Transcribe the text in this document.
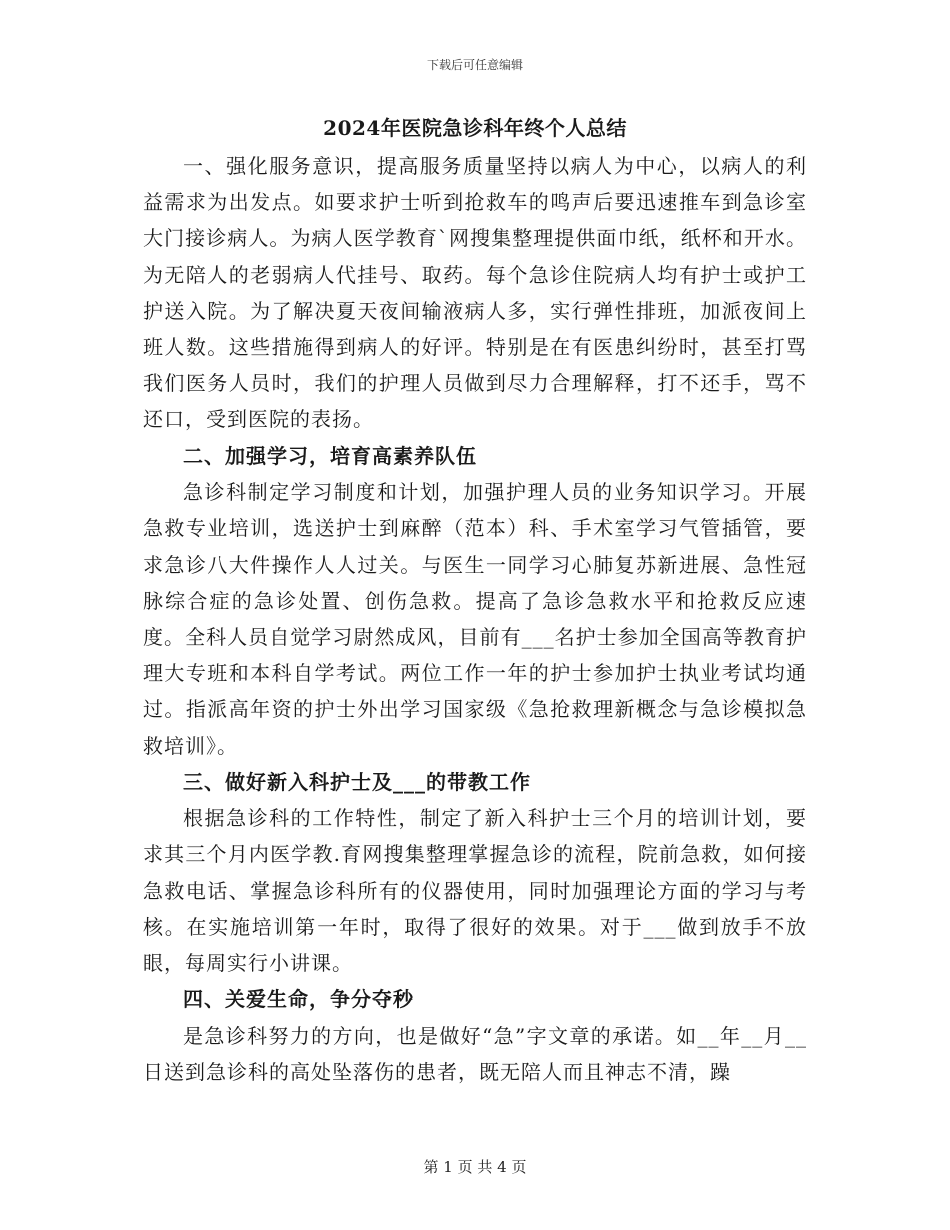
下载后可任意编辑
2024年医院急诊科年终个人总结

一、强化服务意识，提高服务质量坚持以病人为中心，以病人的利益需求为出发点。如要求护士听到抢救车的鸣声后要迅速推车到急诊室大门接诊病人。为病人医学教育`网搜集整理提供面巾纸，纸杯和开水。为无陪人的老弱病人代挂号、取药。每个急诊住院病人均有护士或护工护送入院。为了解决夏天夜间输液病人多，实行弹性排班，加派夜间上班人数。这些措施得到病人的好评。特别是在有医患纠纷时，甚至打骂我们医务人员时，我们的护理人员做到尽力合理解释，打不还手，骂不还口，受到医院的表扬。

二、加强学习，培育高素养队伍

急诊科制定学习制度和计划，加强护理人员的业务知识学习。开展急救专业培训，选送护士到麻醉（范本）科、手术室学习气管插管，要求急诊八大件操作人人过关。与医生一同学习心肺复苏新进展、急性冠脉综合症的急诊处置、创伤急救。提高了急诊急救水平和抢救反应速度。全科人员自觉学习尉然成风，目前有___名护士参加全国高等教育护理大专班和本科自学考试。两位工作一年的护士参加护士执业考试均通过。指派高年资的护士外出学习国家级《急抢救理新概念与急诊模拟急救培训》。

三、做好新入科护士及___的带教工作

根据急诊科的工作特性，制定了新入科护士三个月的培训计划，要求其三个月内医学教.育网搜集整理掌握急诊的流程，院前急救，如何接急救电话、掌握急诊科所有的仪器使用，同时加强理论方面的学习与考核。在实施培训第一年时，取得了很好的效果。对于___做到放手不放眼，每周实行小讲课。

四、关爱生命，争分夺秒

是急诊科努力的方向，也是做好“急”字文章的承诺。如__年__月__日送到急诊科的高处坠落伤的患者，既无陪人而且神志不清，躁

第 1 页 共 4 页
